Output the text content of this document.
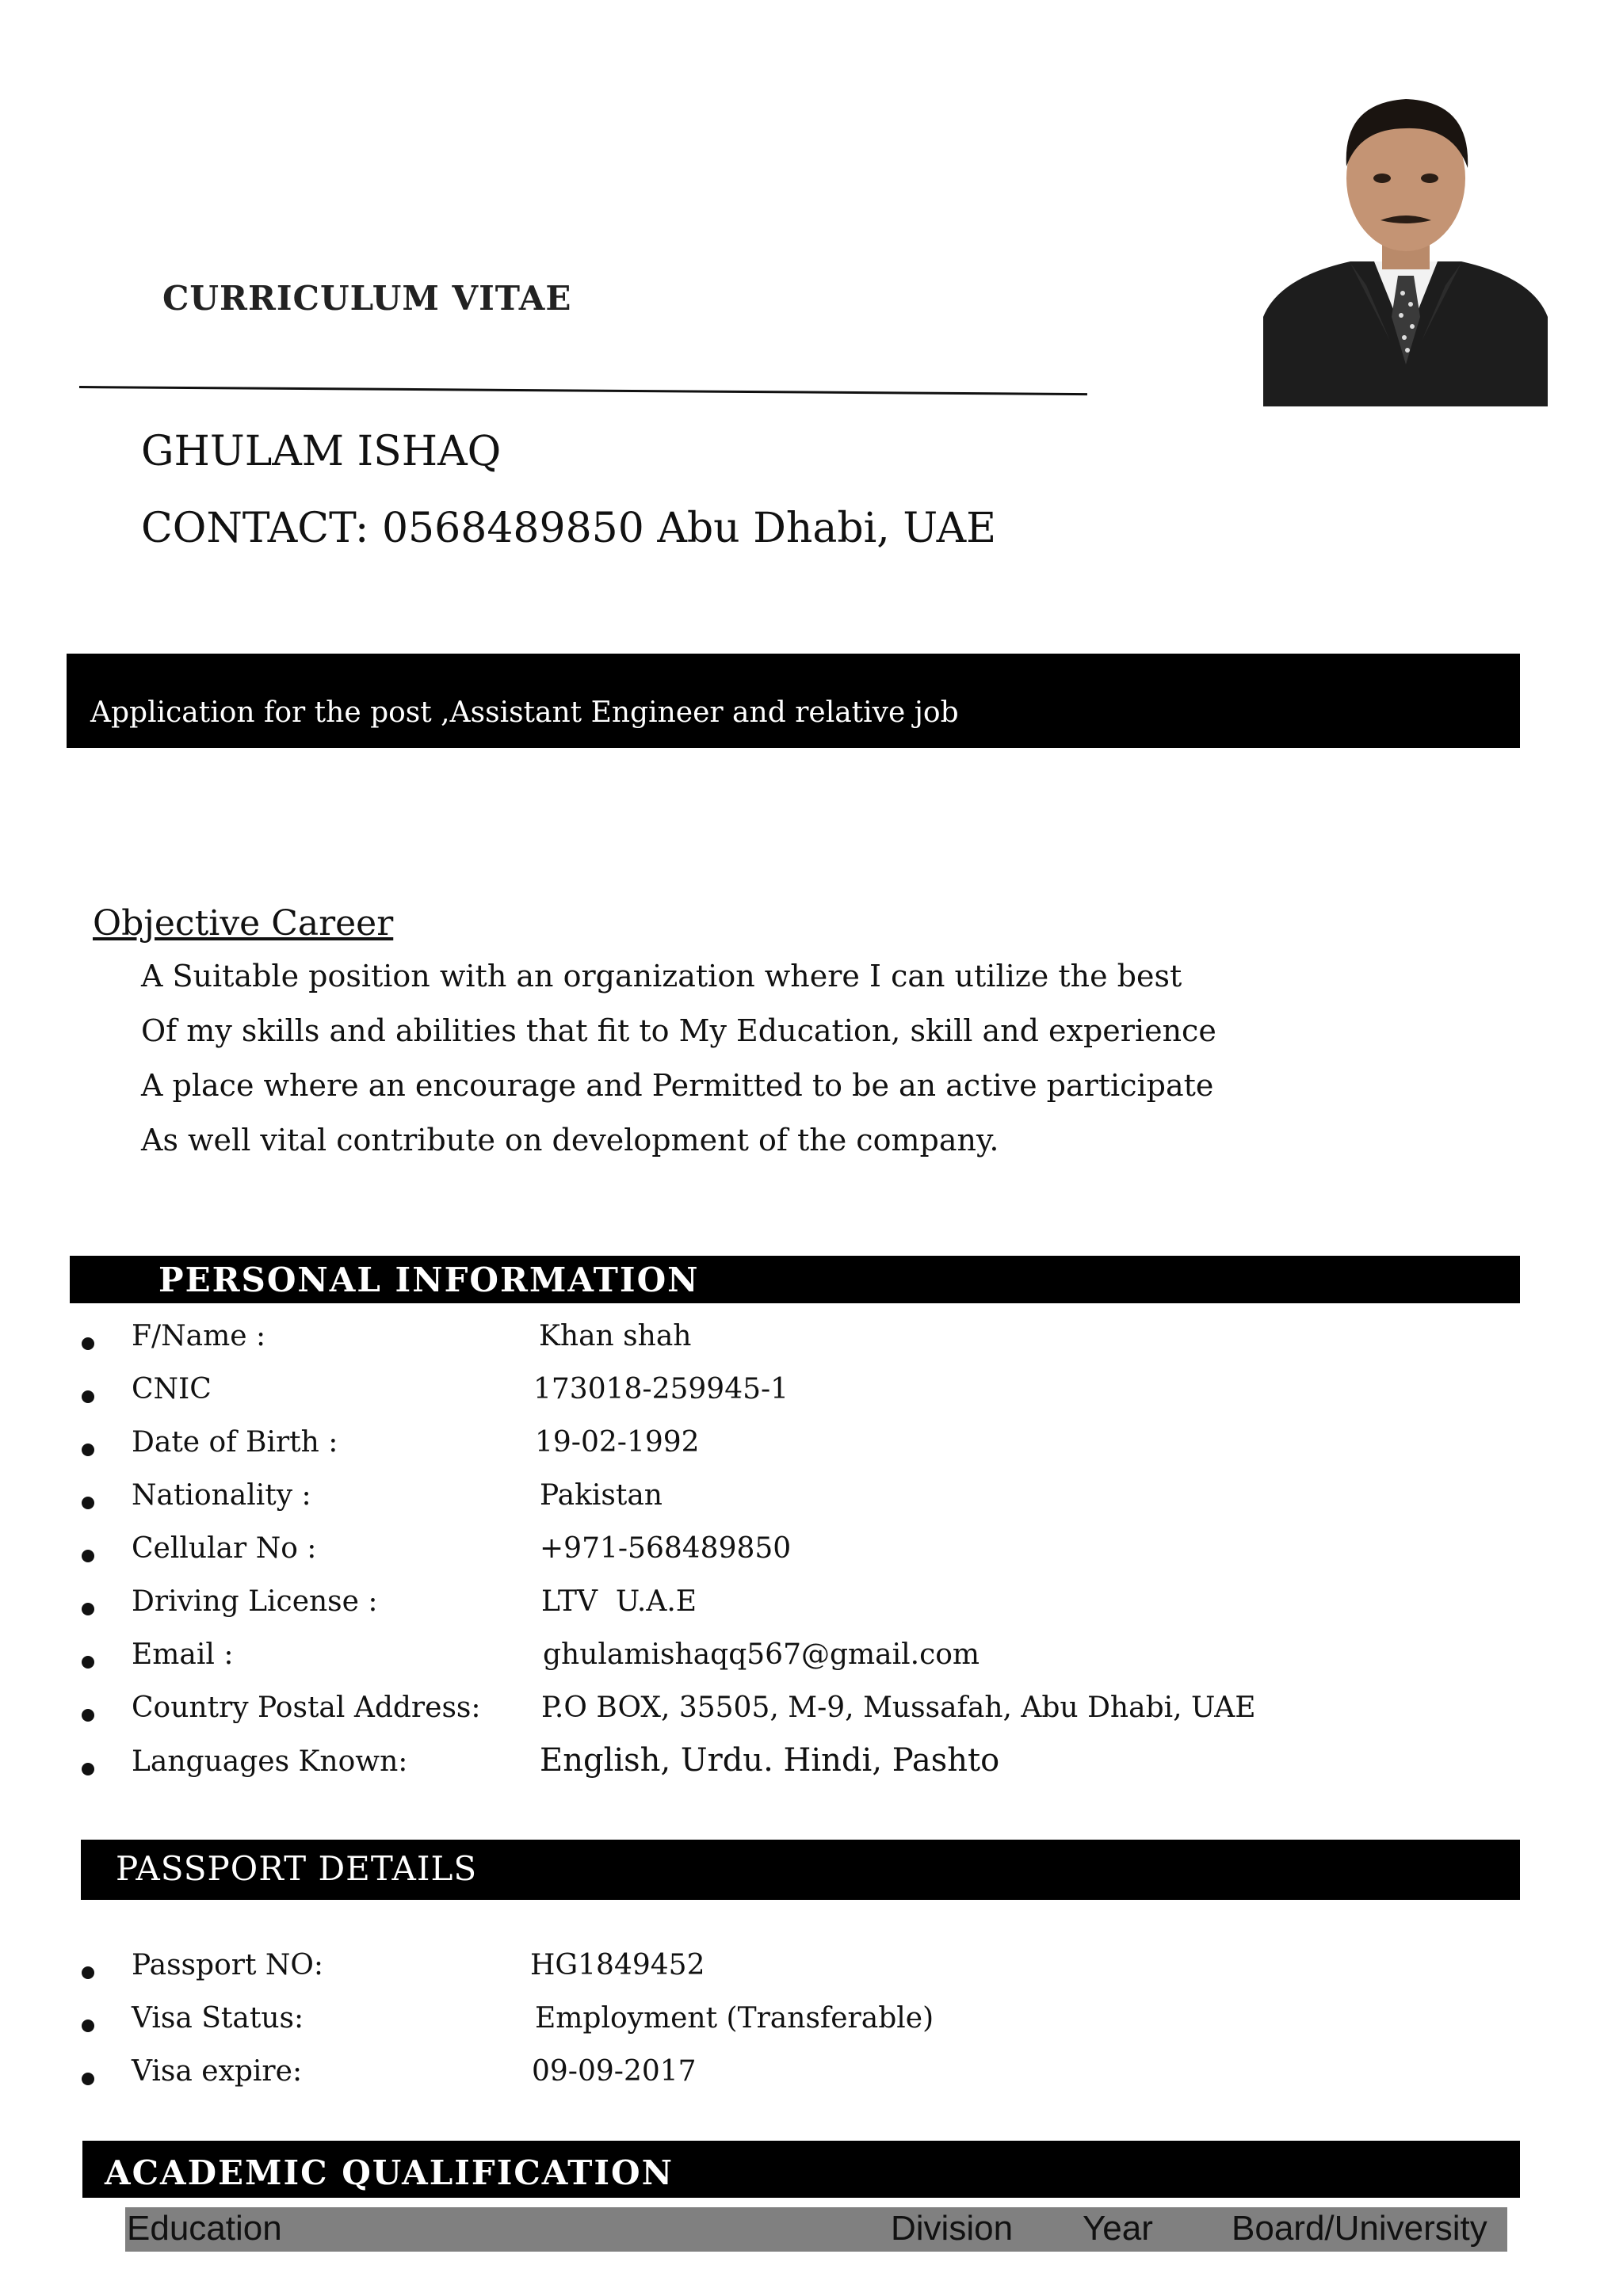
CURRICULUM VITAE
GHULAM ISHAQ
CONTACT: 0568489850 Abu Dhabi, UAE
Application for the post ,Assistant Engineer and relative job
Objective Career
A Suitable position with an organization where I can utilize the best
Of my skills and abilities that fit to My Education, skill and experience
A place where an encourage and Permitted to be an active participate
As well vital contribute on development of the company.
PERSONAL INFORMATION
F/Name :	Khan shah
CNIC	173018-259945-1
Date of Birth :	19-02-1992
Nationality :	Pakistan
Cellular No :	+971-568489850
Driving License :	LTV  U.A.E
Email :	ghulamishaqq567@gmail.com
Country Postal Address: P.O BOX, 35505, M-9, Mussafah, Abu Dhabi, UAE
Languages Known:	English, Urdu. Hindi, Pashto
PASSPORT DETAILS
Passport NO:	HG1849452
Visa Status:	Employment (Transferable)
Visa expire:	09-09-2017
ACADEMIC QUALIFICATION
Education	Division Year Board/University
